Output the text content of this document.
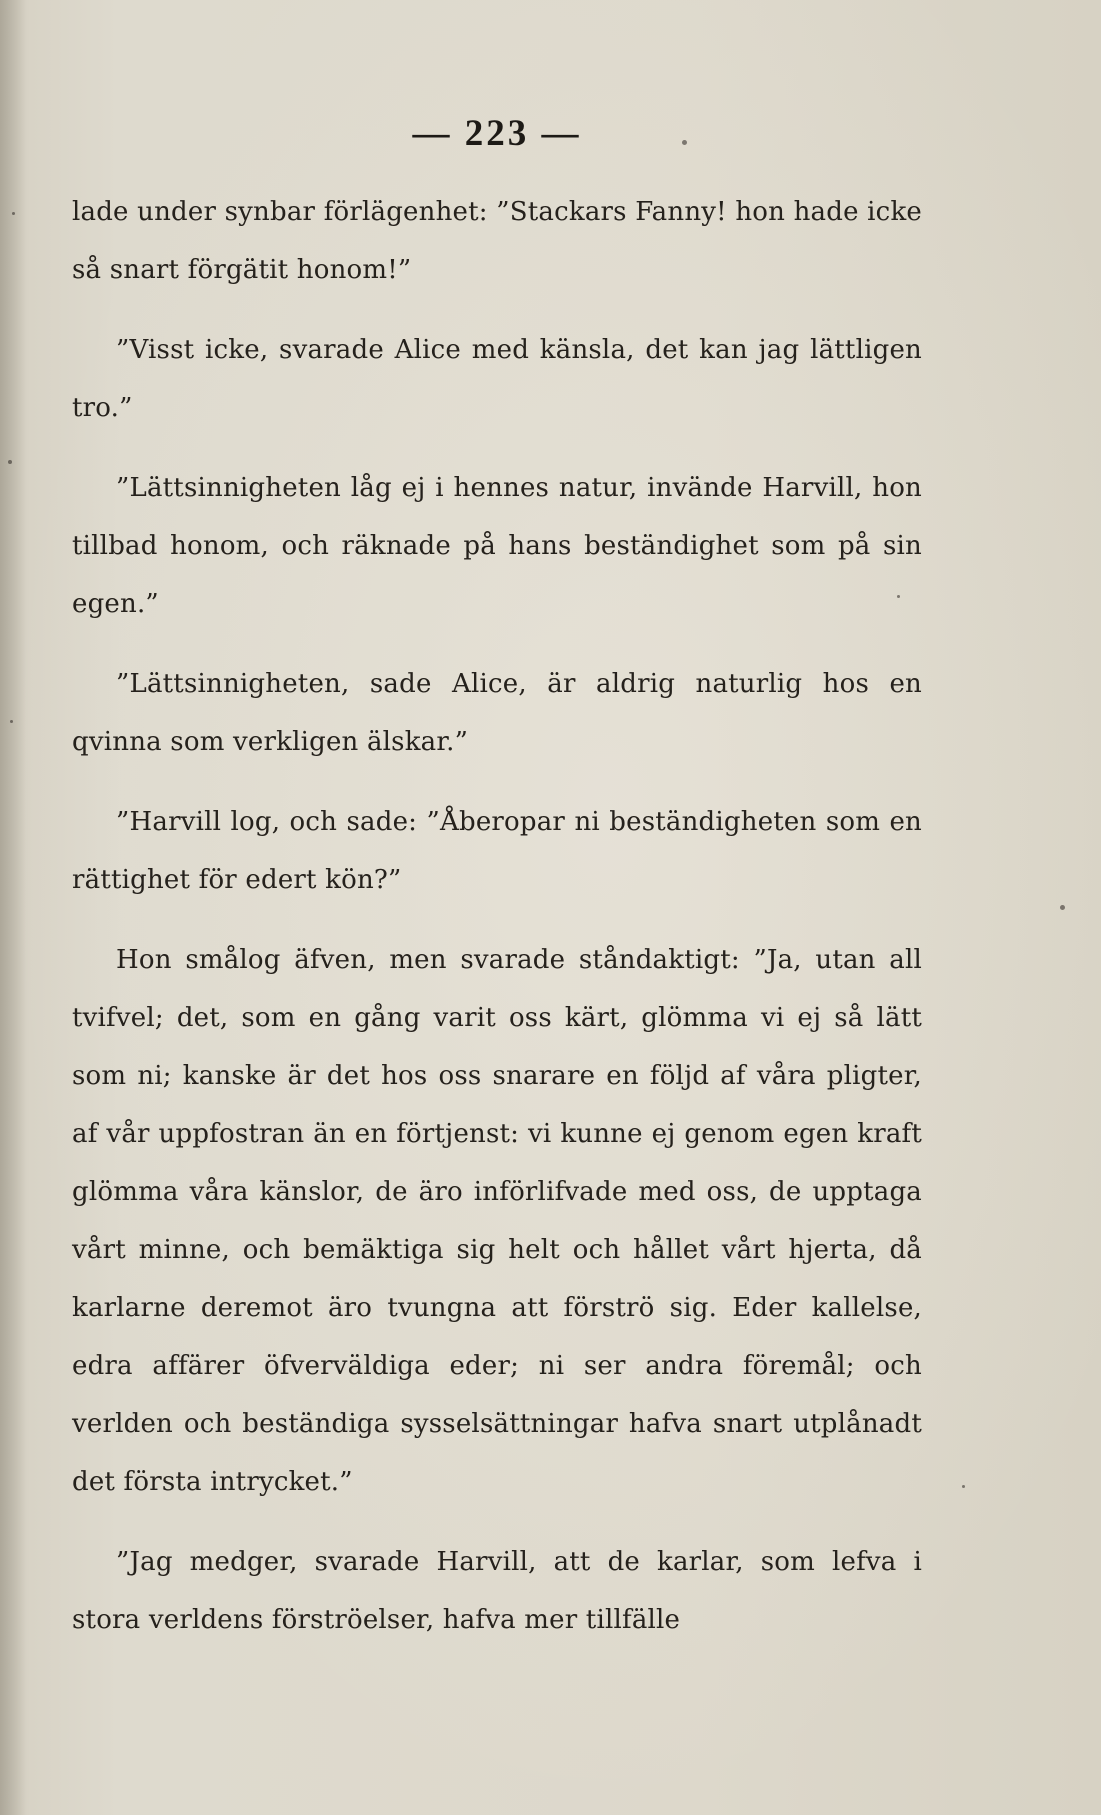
— 223 —

lade under synbar förlägenhet: ”Stackars Fanny! hon hade icke så snart förgätit honom!”

”Visst icke, svarade Alice med känsla, det kan jag lättligen tro.”

”Lättsinnigheten låg ej i hennes natur, invände Harvill, hon tillbad honom, och räknade på hans beständighet som på sin egen.”

”Lättsinnigheten, sade Alice, är aldrig naturlig hos en qvinna som verkligen älskar.”

”Harvill log, och sade: ”Åberopar ni beständigheten som en rättighet för edert kön?”

Hon smålog äfven, men svarade ståndaktigt: ”Ja, utan all tvifvel; det, som en gång varit oss kärt, glömma vi ej så lätt som ni; kanske är det hos oss snarare en följd af våra pligter, af vår uppfostran än en förtjenst: vi kunne ej genom egen kraft glömma våra känslor, de äro införlifvade med oss, de upptaga vårt minne, och bemäktiga sig helt och hållet vårt hjerta, då karlarne deremot äro tvungna att förströ sig. Eder kallelse, edra affärer öfverväldiga eder; ni ser andra föremål; och verlden och beständiga sysselsättningar hafva snart utplånadt det första intrycket.”

”Jag medger, svarade Harvill, att de karlar, som lefva i stora verldens förströelser, hafva mer tillfälle
